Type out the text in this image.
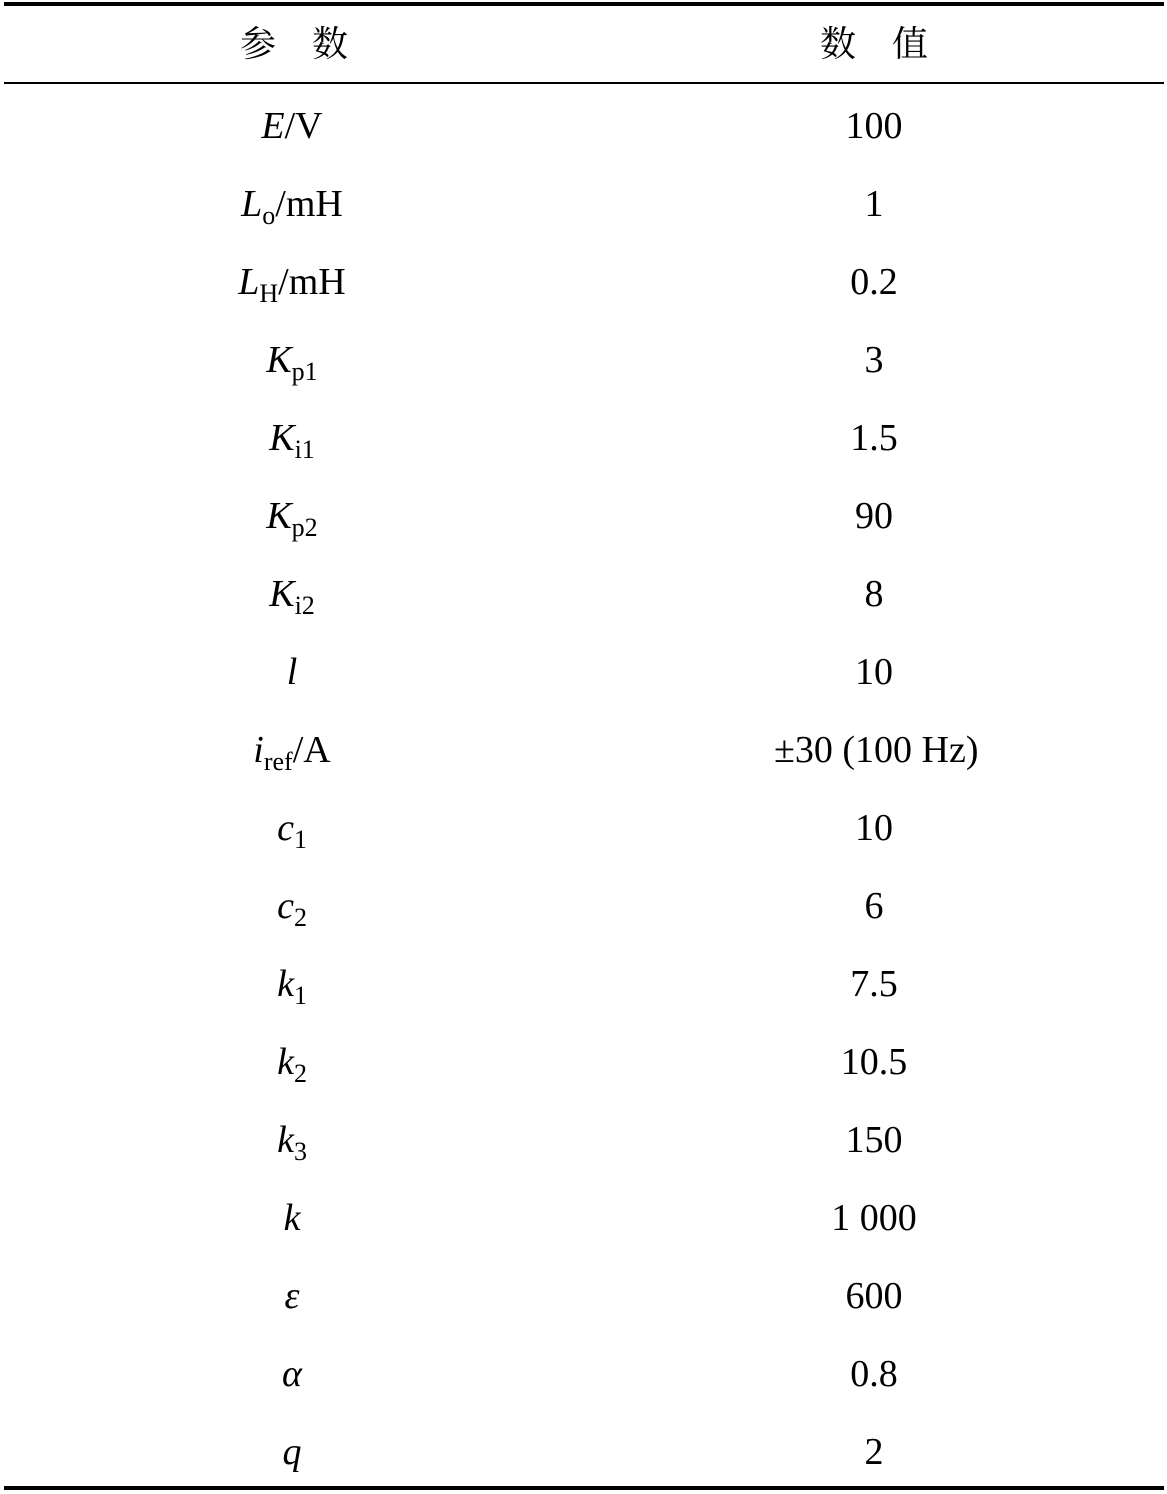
参　数	数　值
E/V	100
$L_o/mH$	1
$L_H/mH$	0.2
$K_{p1}$	3
$K_{i1}$	1.5
$K_{p2}$	90
$K_{i2}$	8
l	10
$i_{ref}/A$	±30 (100 Hz)
$c_1$	10
$c_2$	6
$k_1$	7.5
$k_2$	10.5
$k_3$	150
k	1 000
ε	600
α	0.8
q	2
